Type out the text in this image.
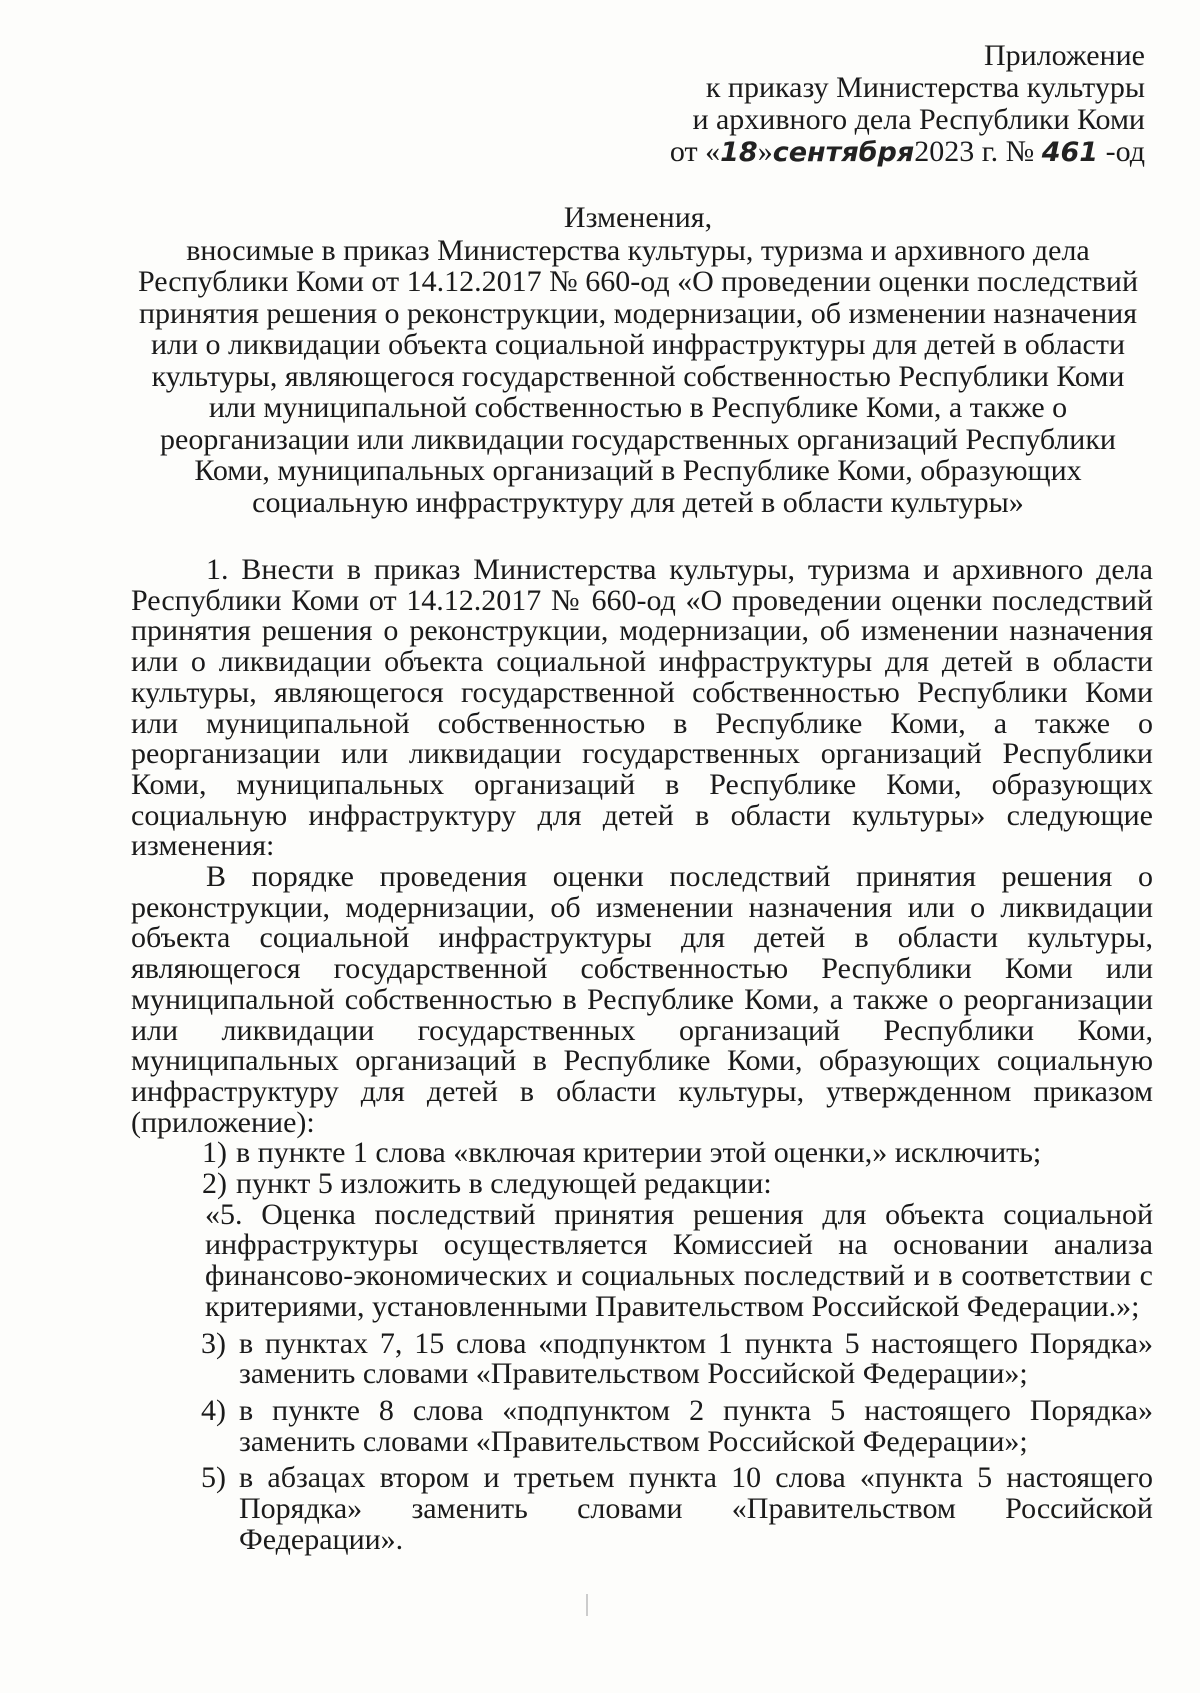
Приложение
к приказу Министерства культуры
и архивного дела Республики Коми
от «18»сентября2023 г. № 461 -од
Изменения,
вносимые в приказ Министерства культуры, туризма и архивного дела Республики Коми от 14.12.2017 № 660-од «О проведении оценки последствий принятия решения о реконструкции, модернизации, об изменении назначения или о ликвидации объекта социальной инфраструктуры для детей в области культуры, являющегося государственной собственностью Республики Коми или муниципальной собственностью в Республике Коми, а также о реорганизации или ликвидации государственных организаций Республики Коми, муниципальных организаций в Республике Коми, образующих социальную инфраструктуру для детей в области культуры»

1. Внести в приказ Министерства культуры, туризма и архивного дела Республики Коми от 14.12.2017 № 660-од «О проведении оценки последствий принятия решения о реконструкции, модернизации, об изменении назначения или о ликвидации объекта социальной инфраструктуры для детей в области культуры, являющегося государственной собственностью Республики Коми или муниципальной собственностью в Республике Коми, а также о реорганизации или ликвидации государственных организаций Республики Коми, муниципальных организаций в Республике Коми, образующих социальную инфраструктуру для детей в области культуры» следующие изменения:

В порядке проведения оценки последствий принятия решения о реконструкции, модернизации, об изменении назначения или о ликвидации объекта социальной инфраструктуры для детей в области культуры, являющегося государственной собственностью Республики Коми или муниципальной собственностью в Республике Коми, а также о реорганизации или ликвидации государственных организаций Республики Коми, муниципальных организаций в Республике Коми, образующих социальную инфраструктуру для детей в области культуры, утвержденном приказом (приложение):

1) в пункте 1 слова «включая критерии этой оценки,» исключить;
2) пункт 5 изложить в следующей редакции:

«5. Оценка последствий принятия решения для объекта социальной инфраструктуры осуществляется Комиссией на основании анализа финансово-экономических и социальных последствий и в соответствии с критериями, установленными Правительством Российской Федерации.»;

3) в пунктах 7, 15 слова «подпунктом 1 пункта 5 настоящего Порядка» заменить словами «Правительством Российской Федерации»;
4) в пункте 8 слова «подпунктом 2 пункта 5 настоящего Порядка» заменить словами «Правительством Российской Федерации»;
5) в абзацах втором и третьем пункта 10 слова «пункта 5 настоящего Порядка» заменить словами «Правительством Российской Федерации».
